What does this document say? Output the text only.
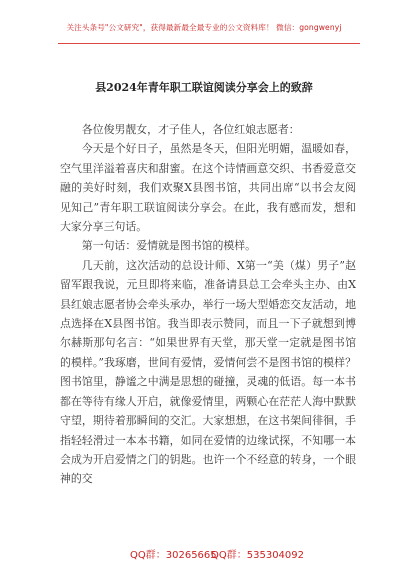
关注头条号"公文研究"，获得最新最全最专业的公文资料库！ 微信：gongwenyj
县2024年青年职工联谊阅读分享会上的致辞

各位俊男靓女，才子佳人，各位红娘志愿者：

今天是个好日子，虽然是冬天，但阳光明媚，温暖如春，空气里洋溢着喜庆和甜蜜。在这个诗情画意交织、书香爱意交融的美好时刻，我们欢聚X县图书馆，共同出席“以书会友阅见知己”青年职工联谊阅读分享会。在此，我有感而发，想和大家分享三句话。

第一句话：爱情就是图书馆的模样。

几天前，这次活动的总设计师、X第一“美（煤）男子”赵留军跟我说，元旦即将来临，准备请县总工会牵头主办、由X县红娘志愿者协会牵头承办，举行一场大型婚恋交友活动，地点选择在X县图书馆。我当即表示赞同，而且一下子就想到博尔赫斯那句名言：“如果世界有天堂，那天堂一定就是图书馆的模样。”我琢磨，世间有爱情，爱情何尝不是图书馆的模样？图书馆里，静谧之中满是思想的碰撞，灵魂的低语。每一本书都在等待有缘人开启，就像爱情里，两颗心在茫茫人海中默默守望，期待着那瞬间的交汇。大家想想，在这书架间徘徊，手指轻轻滑过一本本书籍，如同在爱情的边缘试探，不知哪一本会成为开启爱情之门的钥匙。也许一个不经意的转身，一个眼神的交

QQ群：30265665
QQ群：535304092
